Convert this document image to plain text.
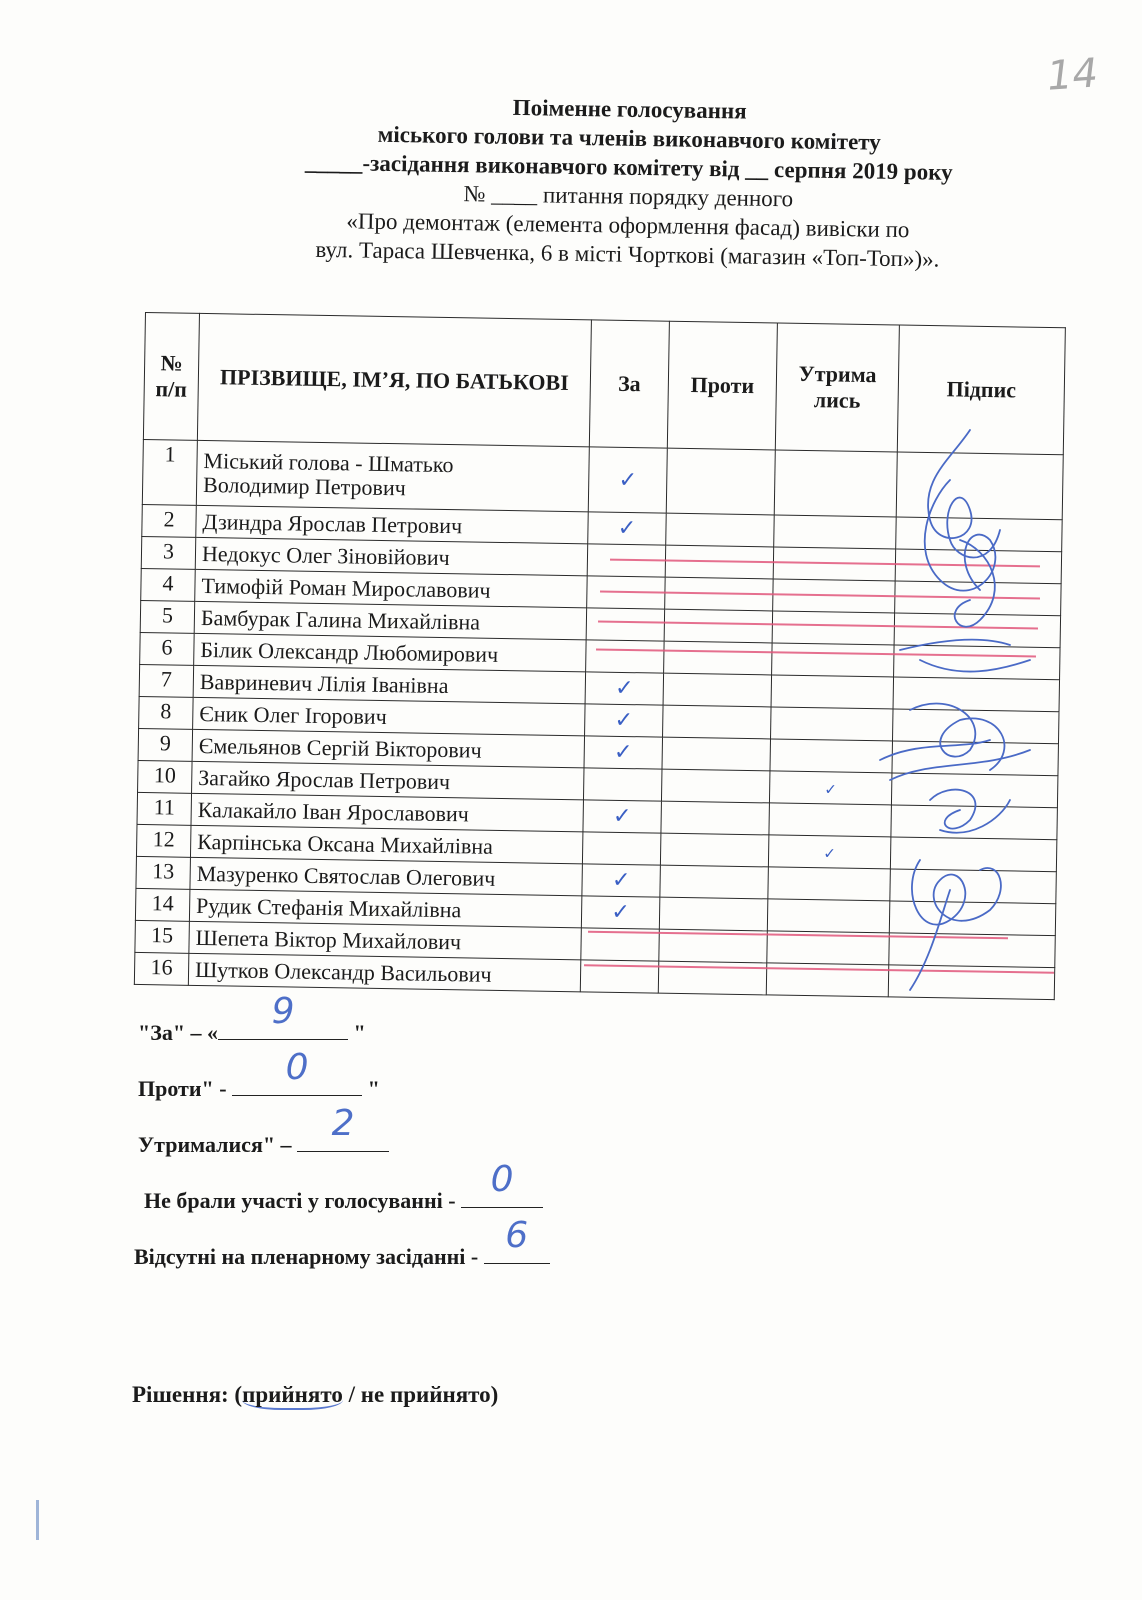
14
Поіменне голосування
міського голови та членів виконавчого комітету
_____-засідання виконавчого комітету від __ серпня 2019 року
№ ____ питання порядку денного
«Про демонтаж (елемента оформлення фасад) вивіски по
вул. Тараса Шевченка, 6 в місті Чорткові (магазин «Топ-Топ»)».
№ п/п	ПРІЗВИЩЕ, ІМ’Я, ПО БАТЬКОВІ	За	Проти	Утрима лись	Підпис
1	Міський голова - Шматько
Володимир Петрович	✓			
2	Дзиндра Ярослав Петрович	✓			
3	Недокус Олег Зіновійович				
4	Тимофій Роман Мирославович				
5	Бамбурак Галина Михайлівна				
6	Білик Олександр Любомирович				
7	Вавриневич Лілія Іванівна	✓			
8	Єник Олег Ігорович	✓			
9	Ємельянов Сергій Вікторович	✓			
10	Загайко Ярослав Петрович			✓	
11	Калакайло Іван Ярославович	✓			
12	Карпінська Оксана Михайлівна			✓	
13	Мазуренко Святослав Олегович	✓			
14	Рудик Стефанія Михайлівна	✓			
15	Шепета Віктор Михайлович				
16	Шутков Олександр Васильович				
"За" – «
9
"
Проти" -
0
"
Утрималися" –
2
Не брали участі у голосуванні -
0
Відсутні на пленарному засіданні -
6
Рішення: (прийнято / не прийнято)
